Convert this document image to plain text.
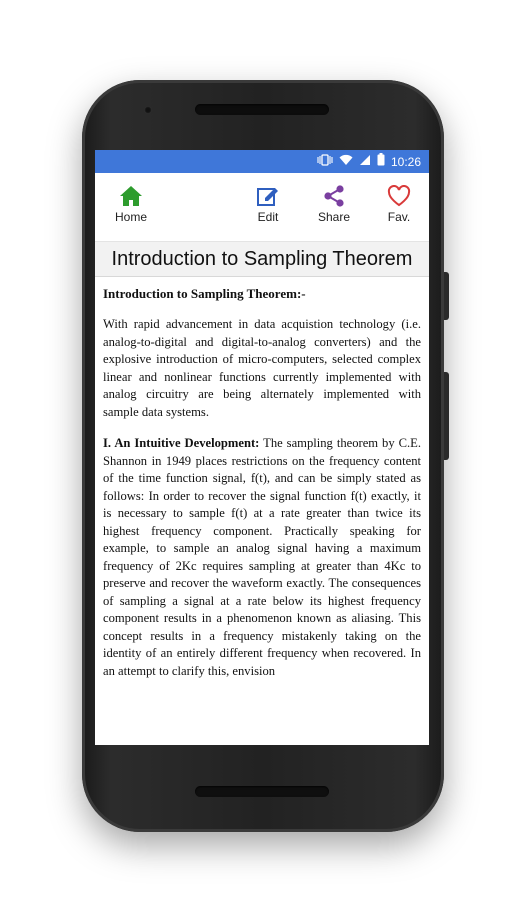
10:26
Home	Edit	Share	Fav.
Introduction to Sampling Theorem

Introduction to Sampling Theorem:-

With rapid advancement in data acquistion technology (i.e. analog-to-digital and digital-to-analog converters) and the explosive introduction of micro-computers, selected complex linear and nonlinear functions currently implemented with analog circuitry are being alternately implemented with sample data systems.

I. An Intuitive Development: The sampling theorem by C.E. Shannon in 1949 places restrictions on the frequency content of the time function signal, f(t), and can be simply stated as follows: In order to recover the signal function f(t) exactly, it is necessary to sample f(t) at a rate greater than twice its highest frequency component. Practically speaking for example, to sample an analog signal having a maximum frequency of 2Kc requires sampling at greater than 4Kc to preserve and recover the waveform exactly. The consequences of sampling a signal at a rate below its highest frequency component results in a phenomenon known as aliasing. This concept results in a frequency mistakenly taking on the identity of an entirely different frequency when recovered. In an attempt to clarify this, envision
